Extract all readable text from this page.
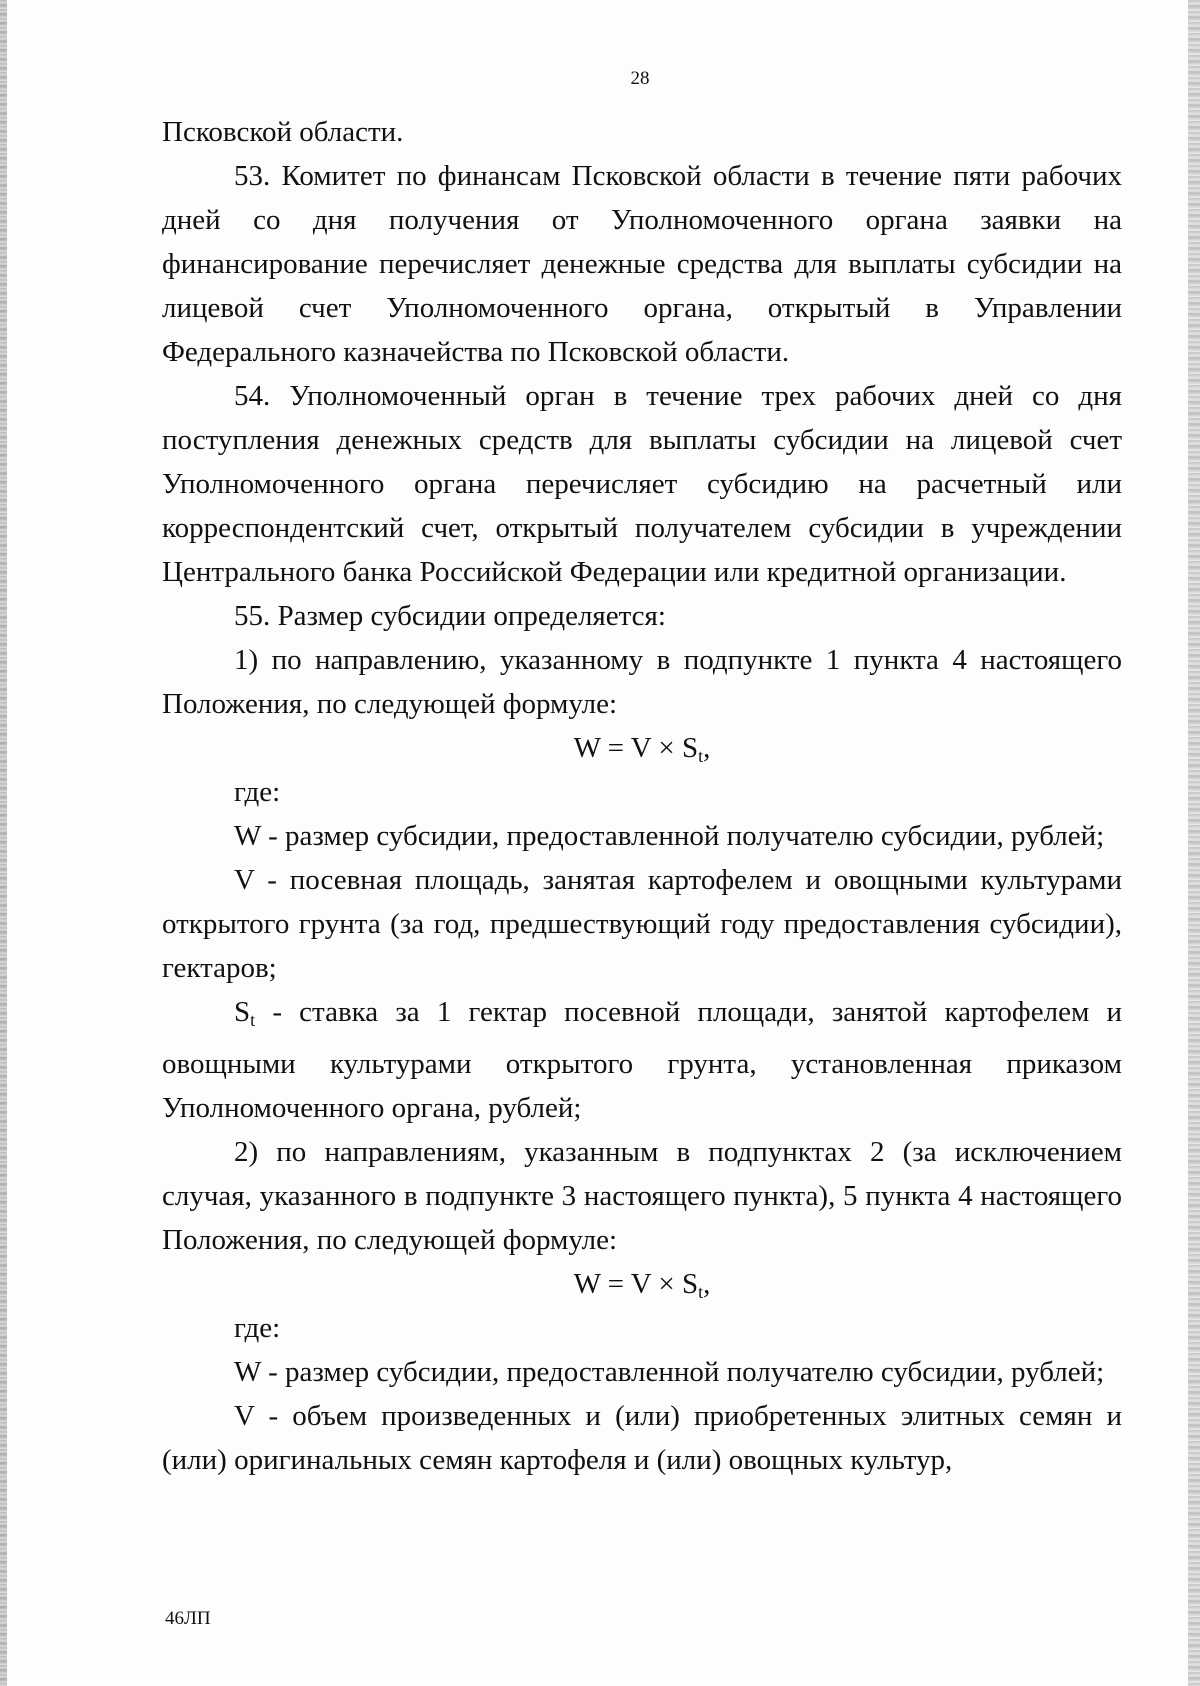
28

Псковской области.

53. Комитет по финансам Псковской области в течение пяти рабочих дней со дня получения от Уполномоченного органа заявки на финансирование перечисляет денежные средства для выплаты субсидии на лицевой счет Уполномоченного органа, открытый в Управлении Федерального казначейства по Псковской области.

54. Уполномоченный орган в течение трех рабочих дней со дня поступления денежных средств для выплаты субсидии на лицевой счет Уполномоченного органа перечисляет субсидию на расчетный или корреспондентский счет, открытый получателем субсидии в учреждении Центрального банка Российской Федерации или кредитной организации.

55. Размер субсидии определяется:

1) по направлению, указанному в подпункте 1 пункта 4 настоящего Положения, по следующей формуле:

$W = V \times S_t$,

где:

W - размер субсидии, предоставленной получателю субсидии, рублей;

V - посевная площадь, занятая картофелем и овощными культурами открытого грунта (за год, предшествующий году предоставления субсидии), гектаров;

$S_t$ - ставка за 1 гектар посевной площади, занятой картофелем и овощными культурами открытого грунта, установленная приказом Уполномоченного органа, рублей;

2) по направлениям, указанным в подпунктах 2 (за исключением случая, указанного в подпункте 3 настоящего пункта), 5 пункта 4 настоящего Положения, по следующей формуле:

$W = V \times S_t$,

где:

W - размер субсидии, предоставленной получателю субсидии, рублей;

V - объем произведенных и (или) приобретенных элитных семян и (или) оригинальных семян картофеля и (или) овощных культур,

46ЛП
